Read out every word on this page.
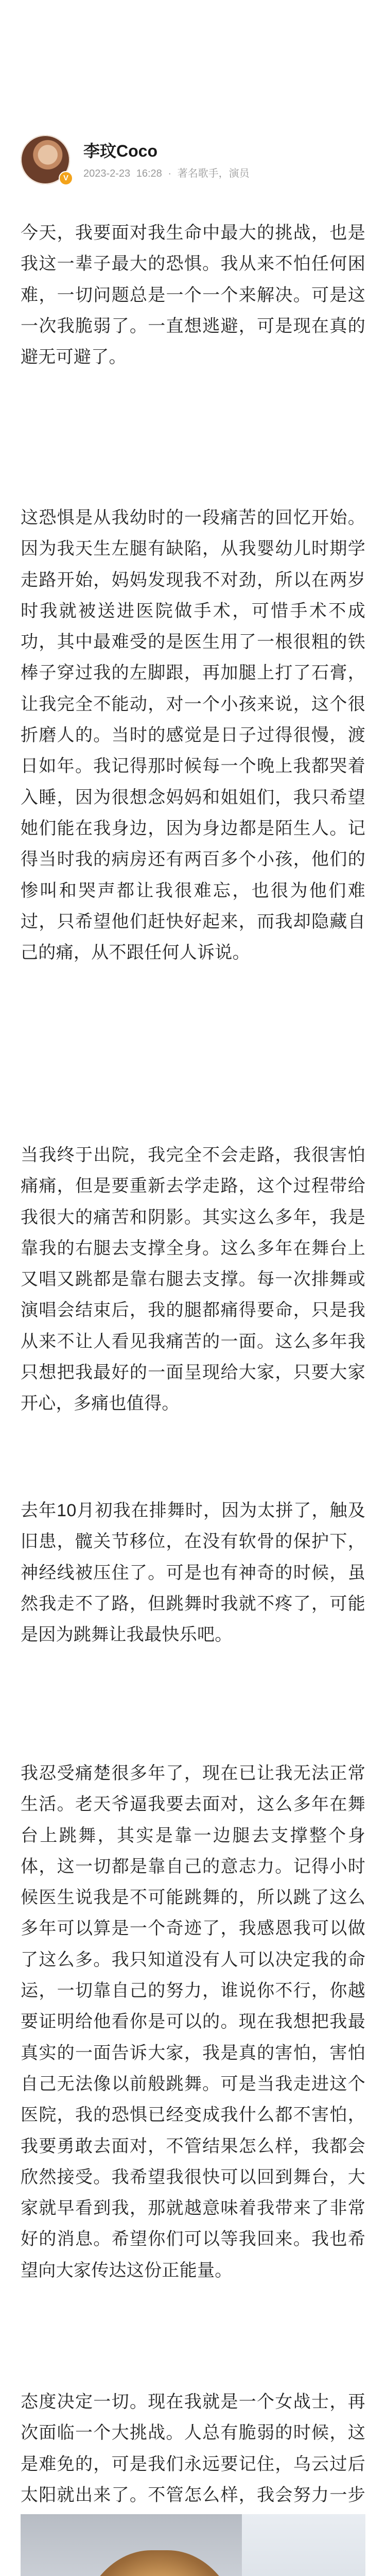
V
李玟Coco
2023-2-23 16:28 · 著名歌手，演员

今天，我要面对我生命中最大的挑战，也是我这一辈子最大的恐惧。我从来不怕任何困难，一切问题总是一个一个来解决。可是这一次我脆弱了。一直想逃避，可是现在真的避无可避了。

这恐惧是从我幼时的一段痛苦的回忆开始。因为我天生左腿有缺陷，从我婴幼儿时期学走路开始，妈妈发现我不对劲，所以在两岁时我就被送进医院做手术，可惜手术不成功，其中最难受的是医生用了一根很粗的铁棒子穿过我的左脚跟，再加腿上打了石膏，让我完全不能动，对一个小孩来说，这个很折磨人的。当时的感觉是日子过得很慢，渡日如年。我记得那时候每一个晚上我都哭着入睡，因为很想念妈妈和姐姐们，我只希望她们能在我身边，因为身边都是陌生人。记得当时我的病房还有两百多个小孩，他们的惨叫和哭声都让我很难忘，也很为他们难过，只希望他们赶快好起来，而我却隐藏自己的痛，从不跟任何人诉说。

当我终于出院，我完全不会走路，我很害怕痛痛，但是要重新去学走路，这个过程带给我很大的痛苦和阴影。其实这么多年，我是靠我的右腿去支撑全身。这么多年在舞台上又唱又跳都是靠右腿去支撑。每一次排舞或演唱会结束后，我的腿都痛得要命，只是我从来不让人看见我痛苦的一面。这么多年我只想把我最好的一面呈现给大家，只要大家开心，多痛也值得。

去年10月初我在排舞时，因为太拼了，触及旧患，髋关节移位，在没有软骨的保护下，神经线被压住了。可是也有神奇的时候，虽然我走不了路，但跳舞时我就不疼了，可能是因为跳舞让我最快乐吧。

我忍受痛楚很多年了，现在已让我无法正常生活。老天爷逼我要去面对，这么多年在舞台上跳舞，其实是靠一边腿去支撑整个身体，这一切都是靠自己的意志力。记得小时候医生说我是不可能跳舞的，所以跳了这么多年可以算是一个奇迹了，我感恩我可以做了这么多。我只知道没有人可以决定我的命运，一切靠自己的努力，谁说你不行，你越要证明给他看你是可以的。现在我想把我最真实的一面告诉大家，我是真的害怕，害怕自己无法像以前般跳舞。可是当我走进这个医院，我的恐惧已经变成我什么都不害怕，我要勇敢去面对，不管结果怎么样，我都会欣然接受。我希望我很快可以回到舞台，大家就早看到我，那就越意味着我带来了非常好的消息。希望你们可以等我回来。我也希望向大家传达这份正能量。

态度决定一切。现在我就是一个女战士，再次面临一个大挑战。人总有脆弱的时候，这是难免的，可是我们永远要记住，乌云过后太阳就出来了。不管怎么样，我会努力一步
